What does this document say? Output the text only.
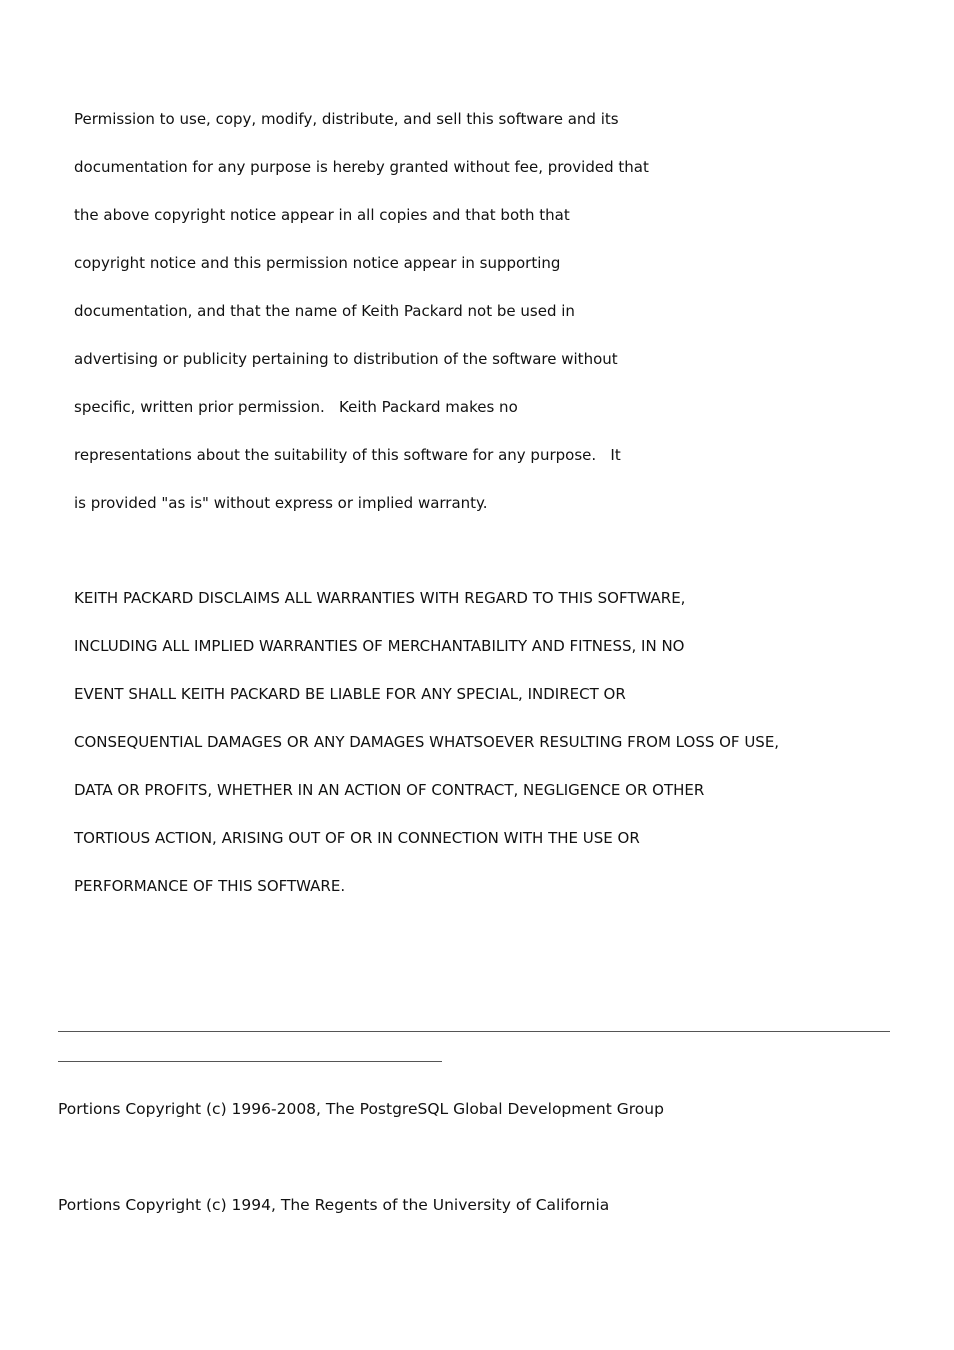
Permission to use, copy, modify, distribute, and sell this software and its
documentation for any purpose is hereby granted without fee, provided that
the above copyright notice appear in all copies and that both that
copyright notice and this permission notice appear in supporting
documentation, and that the name of Keith Packard not be used in
advertising or publicity pertaining to distribution of the software without
specific, written prior permission.   Keith Packard makes no
representations about the suitability of this software for any purpose.   It
is provided "as is" without express or implied warranty.
KEITH PACKARD DISCLAIMS ALL WARRANTIES WITH REGARD TO THIS SOFTWARE,
INCLUDING ALL IMPLIED WARRANTIES OF MERCHANTABILITY AND FITNESS, IN NO
EVENT SHALL KEITH PACKARD BE LIABLE FOR ANY SPECIAL, INDIRECT OR
CONSEQUENTIAL DAMAGES OR ANY DAMAGES WHATSOEVER RESULTING FROM LOSS OF USE,
DATA OR PROFITS, WHETHER IN AN ACTION OF CONTRACT, NEGLIGENCE OR OTHER
TORTIOUS ACTION, ARISING OUT OF OR IN CONNECTION WITH THE USE OR
PERFORMANCE OF THIS SOFTWARE.

Portions Copyright (c) 1996-2008, The PostgreSQL Global Development Group

Portions Copyright (c) 1994, The Regents of the University of California
